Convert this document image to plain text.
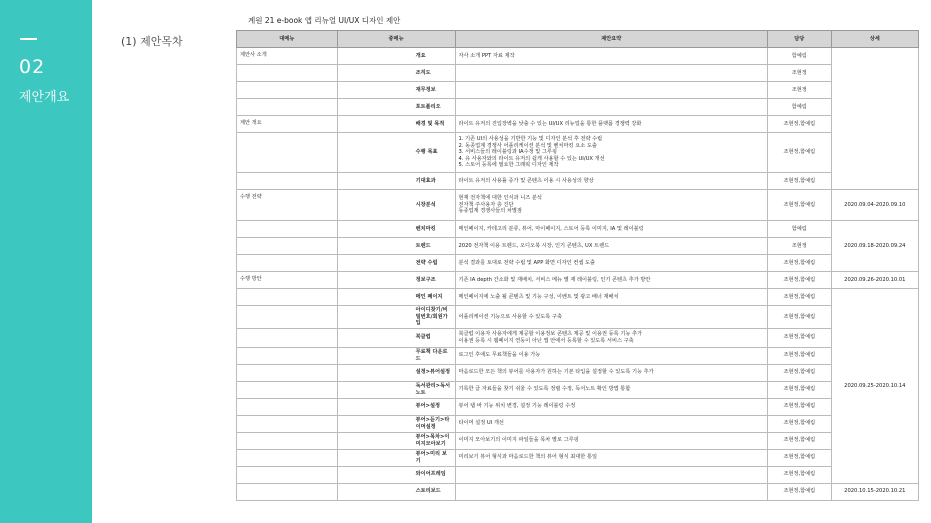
02
제안개요
(1) 제안목차
계원 21 e-book 앱 리뉴얼 UI/UX 디자인 제안
대메뉴	중메뉴	제안요약	담당	상세
제안사 소개	개요	자사 소개 PPT 자료 제작	함예림	
	조직도		조현정	
	재무정보		조현정	
	포트폴리오		함예림	
제안 개요	배경 및 목적	라이트 유저의 진입장벽을 낮출 수 있는 UI/UX 리뉴얼을 통한 플랫폼 경쟁력 강화	조현정,함예림	
	수행 목표	1. 기존 UI의 사용성을 기반한 기능 및 디자인 분석 후 전략 수립
2. 동종업계 경쟁사 어플리케이션 분석 및 벤치마킹 요소 도출
3. 서비스들의 레이블링과 IA수정 및 그루핑
4. 유 사용자와의 라이트 유저의 쉽게 사용할 수 있는 UI/UX 개선
5. 스토어 등록에 필요한 그래픽 디자인 제작	조현정,함예림	
	기대효과	라이트 유저의 사용률 증가 및 콘텐츠 이용 시 사용성의 향상	조현정,함예림	
수행 전략	시장분석	현재 전자책에 대한 인식과 니즈 분석
전자책 주사용자 층 진단
동종업계 경쟁사들의 차별점	조현정,함예림	2020.09.04-2020.09.10
	벤치마킹	메인페이지, 카테고리 분류, 뷰어, 마이페이지, 스토어 등록 이미지, IA 및 레이블링	함예림	2020.09.18-2020.09.24
	트렌드	2020 전자책 이용 트렌드, 오디오북 시장, 인기 콘텐츠, UX 트렌드	조현정	
	전략 수립	분석 결과를 토대로 전략 수립 및 APP 화면 디자인 컨셉 도출	조현정,함예림	
수행 방안	정보구조	기존 IA depth 간소화 및 재배치, 서비스 메뉴 별 재 레이블링, 인기 콘텐츠 추가 방안	조현정,함예림	2020.09.26-2020.10.01
	메인 페이지	메인페이지에 노출 될 콘텐츠 및 기능 구성, 이벤트 및 광고 배너 재배치	조현정,함예림	2020.09.25-2020.10.14
	아이디찾기/비밀번호/회원가입	어플리케이션 기능으로 사용할 수 있도록 구축	조현정,함예림	
	북클럽	북클럽 이용자 사용자에게 제공할 이용정보 콘텐츠 제공 및 이용권 등록 기능 추가
이용권 등록 시 웹페이지 연동이 아닌 앱 안에서 등록할 수 있도록 서비스 구축	조현정,함예림	
	무료책 다운로드	로그인 후에도 무료책들을 이용 가능	조현정,함예림	
	설정>뷰어설정	마음로드한 모든 책의 뷰어를 사용자가 원하는 기본 타입을 설정할 수 있도록 기능 추가	조현정,함예림	
	독서관리>독서노트	기록한 글 자료들을 찾기 쉬울 수 있도록 정렬 수정, 독서노트 확인 방법 통합	조현정,함예림	
	뷰어>설정	뷰어 탭 바 기능 위치 변경, 설정 기능 레이블링 수정	조현정,함예림	
	뷰어>듣기>타이머설정	타이머 설정 UI 개선	조현정,함예림	
	뷰어>목차>이미지모아보기	이미지 모아보기의 이미지 파일들을 목차 별로 그루핑	조현정,함예림	
	뷰어>미리 보기	미리보기 뷰어 형식과 마음로드한 책의 뷰어 형식 최대한 통일	조현정,함예림	
	와이어프레임		조현정,함예림	
	스토리보드		조현정,함예림	2020.10.15-2020.10.21
